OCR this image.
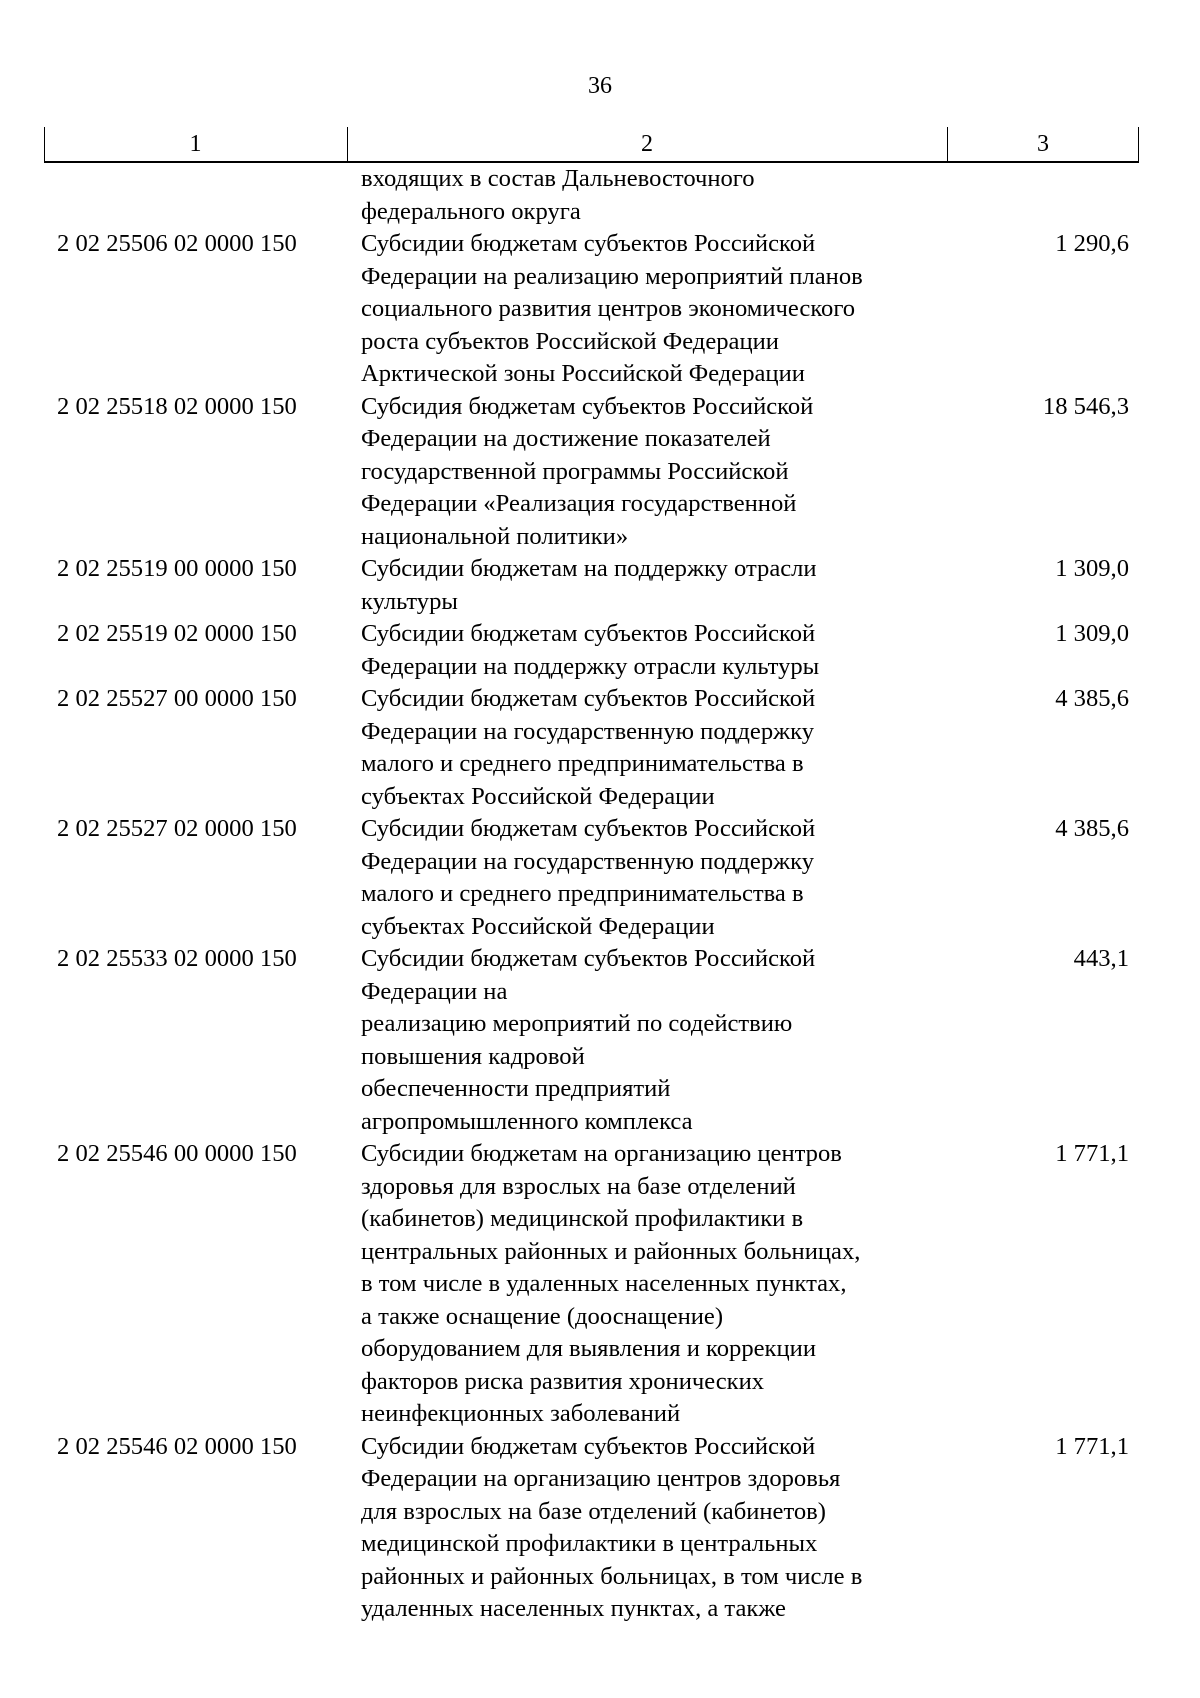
36
1	2	3
входящих в состав Дальневосточного
федерального округа
2 02 25506 02 0000 150	Субсидии бюджетам субъектов Российской
Федерации на реализацию мероприятий планов
социального развития центров экономического
роста субъектов Российской Федерации
Арктической зоны Российской Федерации
1 290,6
2 02 25518 02 0000 150	Субсидия бюджетам субъектов Российской
Федерации на достижение показателей
государственной программы Российской
Федерации «Реализация государственной
национальной политики»
18 546,3
2 02 25519 00 0000 150	Субсидии бюджетам на поддержку отрасли
культуры
1 309,0
2 02 25519 02 0000 150	Субсидии бюджетам субъектов Российской
Федерации на поддержку отрасли культуры
1 309,0
2 02 25527 00 0000 150	Субсидии бюджетам субъектов Российской
Федерации на государственную поддержку
малого и среднего предпринимательства в
субъектах Российской Федерации
4 385,6
2 02 25527 02 0000 150	Субсидии бюджетам субъектов Российской
Федерации на государственную поддержку
малого и среднего предпринимательства в
субъектах Российской Федерации
4 385,6
2 02 25533 02 0000 150	Субсидии бюджетам субъектов Российской
Федерации на
реализацию мероприятий по содействию
повышения кадровой
обеспеченности предприятий
агропромышленного комплекса
443,1
2 02 25546 00 0000 150	Субсидии бюджетам на организацию центров
здоровья для взрослых на базе отделений
(кабинетов) медицинской профилактики в
центральных районных и районных больницах,
в том числе в удаленных населенных пунктах,
а также оснащение (дооснащение)
оборудованием для выявления и коррекции
факторов риска развития хронических
неинфекционных заболеваний
1 771,1
2 02 25546 02 0000 150	Субсидии бюджетам субъектов Российской
Федерации на организацию центров здоровья
для взрослых на базе отделений (кабинетов)
медицинской профилактики в центральных
районных и районных больницах, в том числе в
удаленных населенных пунктах, а также
1 771,1
